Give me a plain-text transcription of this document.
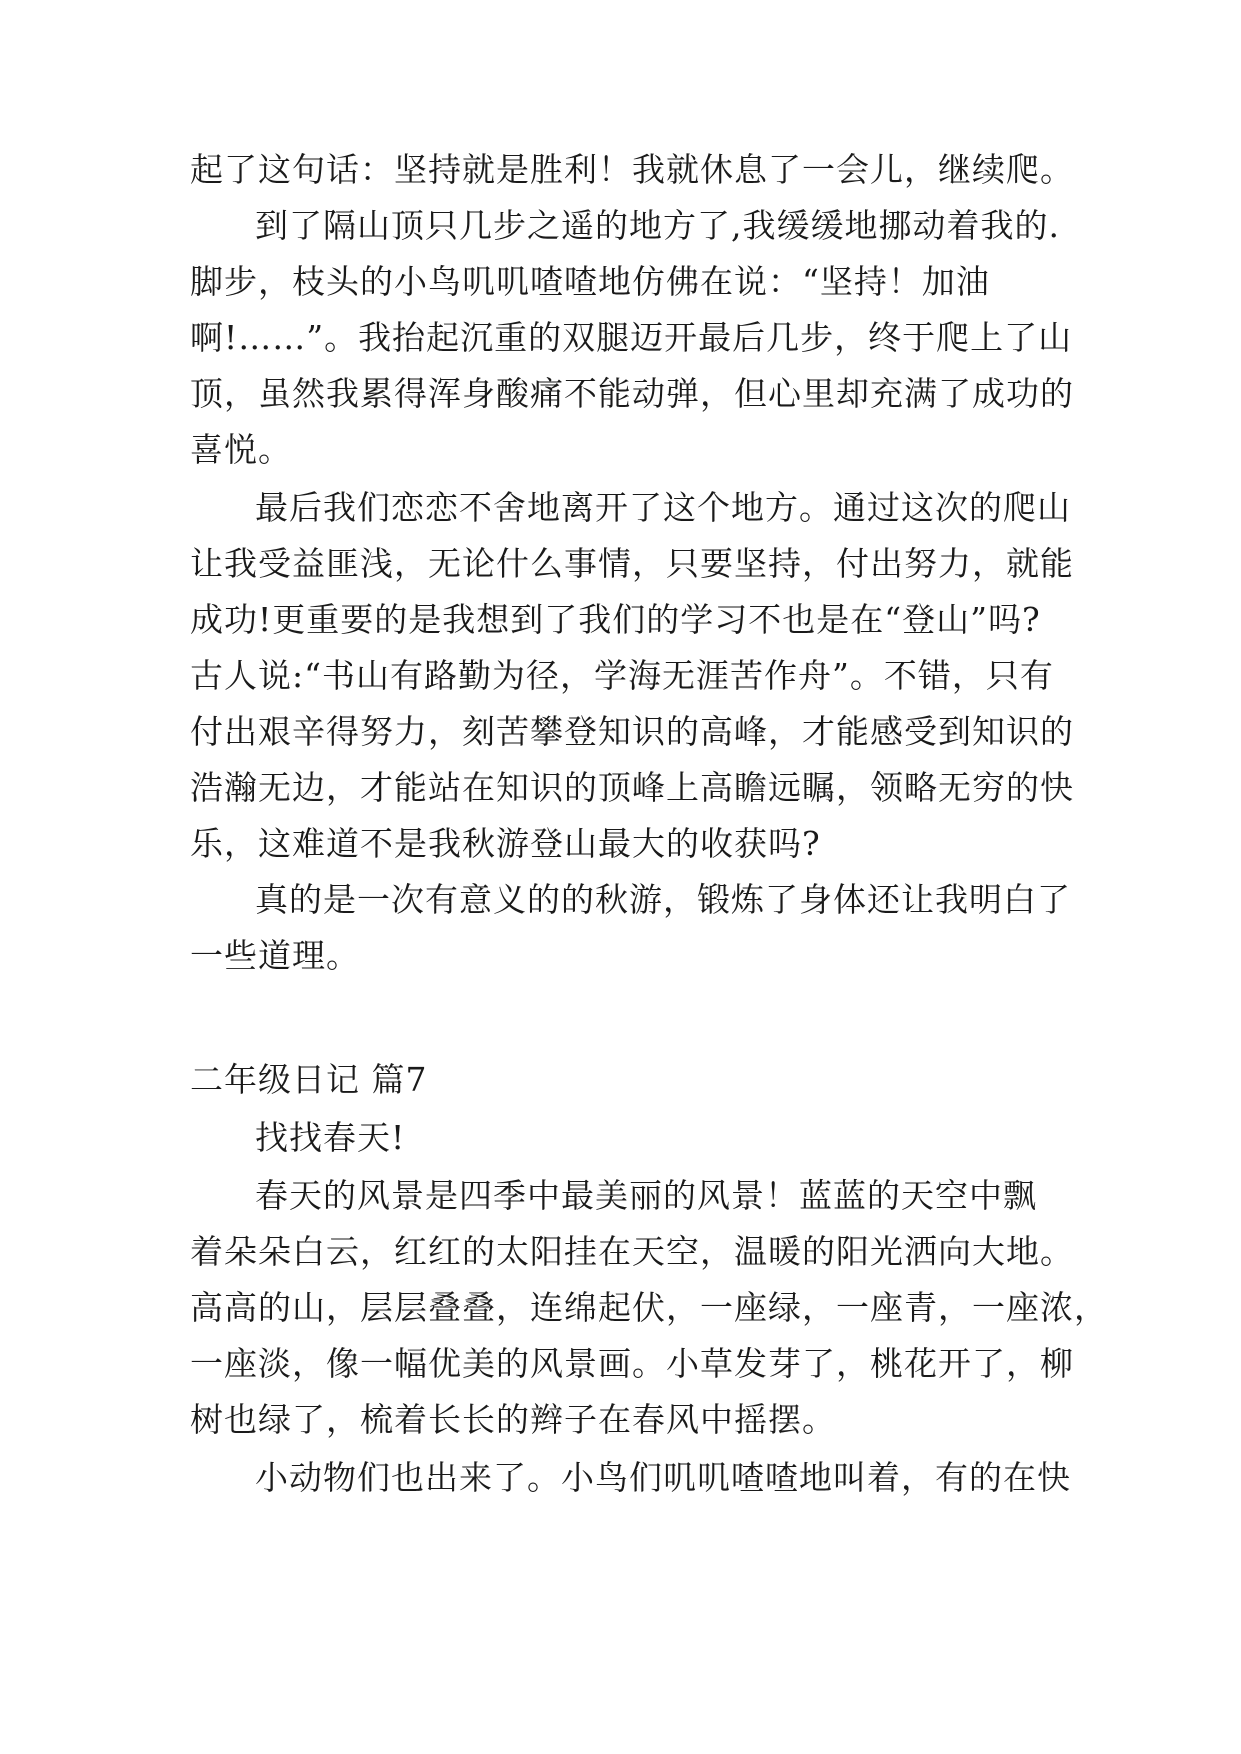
起了这句话：坚持就是胜利！我就休息了一会儿，继续爬。
到了隔山顶只几步之遥的地方了,我缓缓地挪动着我的.
脚步，枝头的小鸟叽叽喳喳地仿佛在说：“坚持！加油
啊!……”。我抬起沉重的双腿迈开最后几步，终于爬上了山
顶，虽然我累得浑身酸痛不能动弹，但心里却充满了成功的
喜悦。
最后我们恋恋不舍地离开了这个地方。通过这次的爬山
让我受益匪浅，无论什么事情，只要坚持，付出努力，就能
成功!更重要的是我想到了我们的学习不也是在“登山”吗?
古人说:“书山有路勤为径，学海无涯苦作舟”。不错，只有
付出艰辛得努力，刻苦攀登知识的高峰，才能感受到知识的
浩瀚无边，才能站在知识的顶峰上高瞻远瞩，领略无穷的快
乐，这难道不是我秋游登山最大的收获吗?
真的是一次有意义的的秋游，锻炼了身体还让我明白了
一些道理。
二年级日记 篇7
找找春天!
春天的风景是四季中最美丽的风景！蓝蓝的天空中飘
着朵朵白云，红红的太阳挂在天空，温暖的阳光洒向大地。
高高的山，层层叠叠，连绵起伏，一座绿，一座青，一座浓，
一座淡，像一幅优美的风景画。小草发芽了，桃花开了，柳
树也绿了，梳着长长的辫子在春风中摇摆。
小动物们也出来了。小鸟们叽叽喳喳地叫着，有的在快
